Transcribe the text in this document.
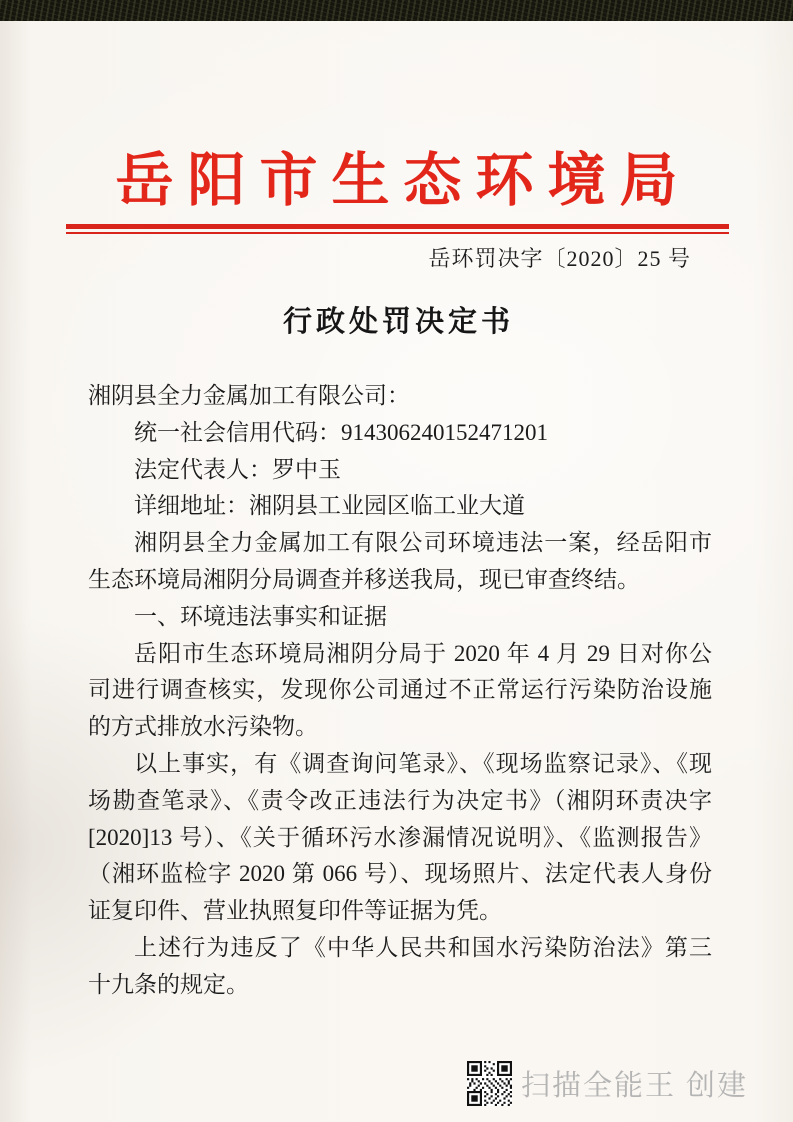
岳阳市生态环境局
岳环罚决字〔2020〕25 号
行政处罚决定书
湘阴县全力金属加工有限公司：
统一社会信用代码：914306240152471201
法定代表人：罗中玉
详细地址：湘阴县工业园区临工业大道
湘阴县全力金属加工有限公司环境违法一案，经岳阳市
生态环境局湘阴分局调查并移送我局，现已审查终结。
一、环境违法事实和证据
岳阳市生态环境局湘阴分局于 2020 年 4 月 29 日对你公
司进行调查核实，发现你公司通过不正常运行污染防治设施
的方式排放水污染物。
以上事实，有《调查询问笔录》、《现场监察记录》、《现
场勘查笔录》、《责令改正违法行为决定书》（湘阴环责决字
[2020]13 号）、《关于循环污水渗漏情况说明》、《监测报告》
（湘环监检字 2020 第 066 号）、现场照片、法定代表人身份
证复印件、营业执照复印件等证据为凭。
上述行为违反了《中华人民共和国水污染防治法》第三
十九条的规定。
扫描全能王 创建
